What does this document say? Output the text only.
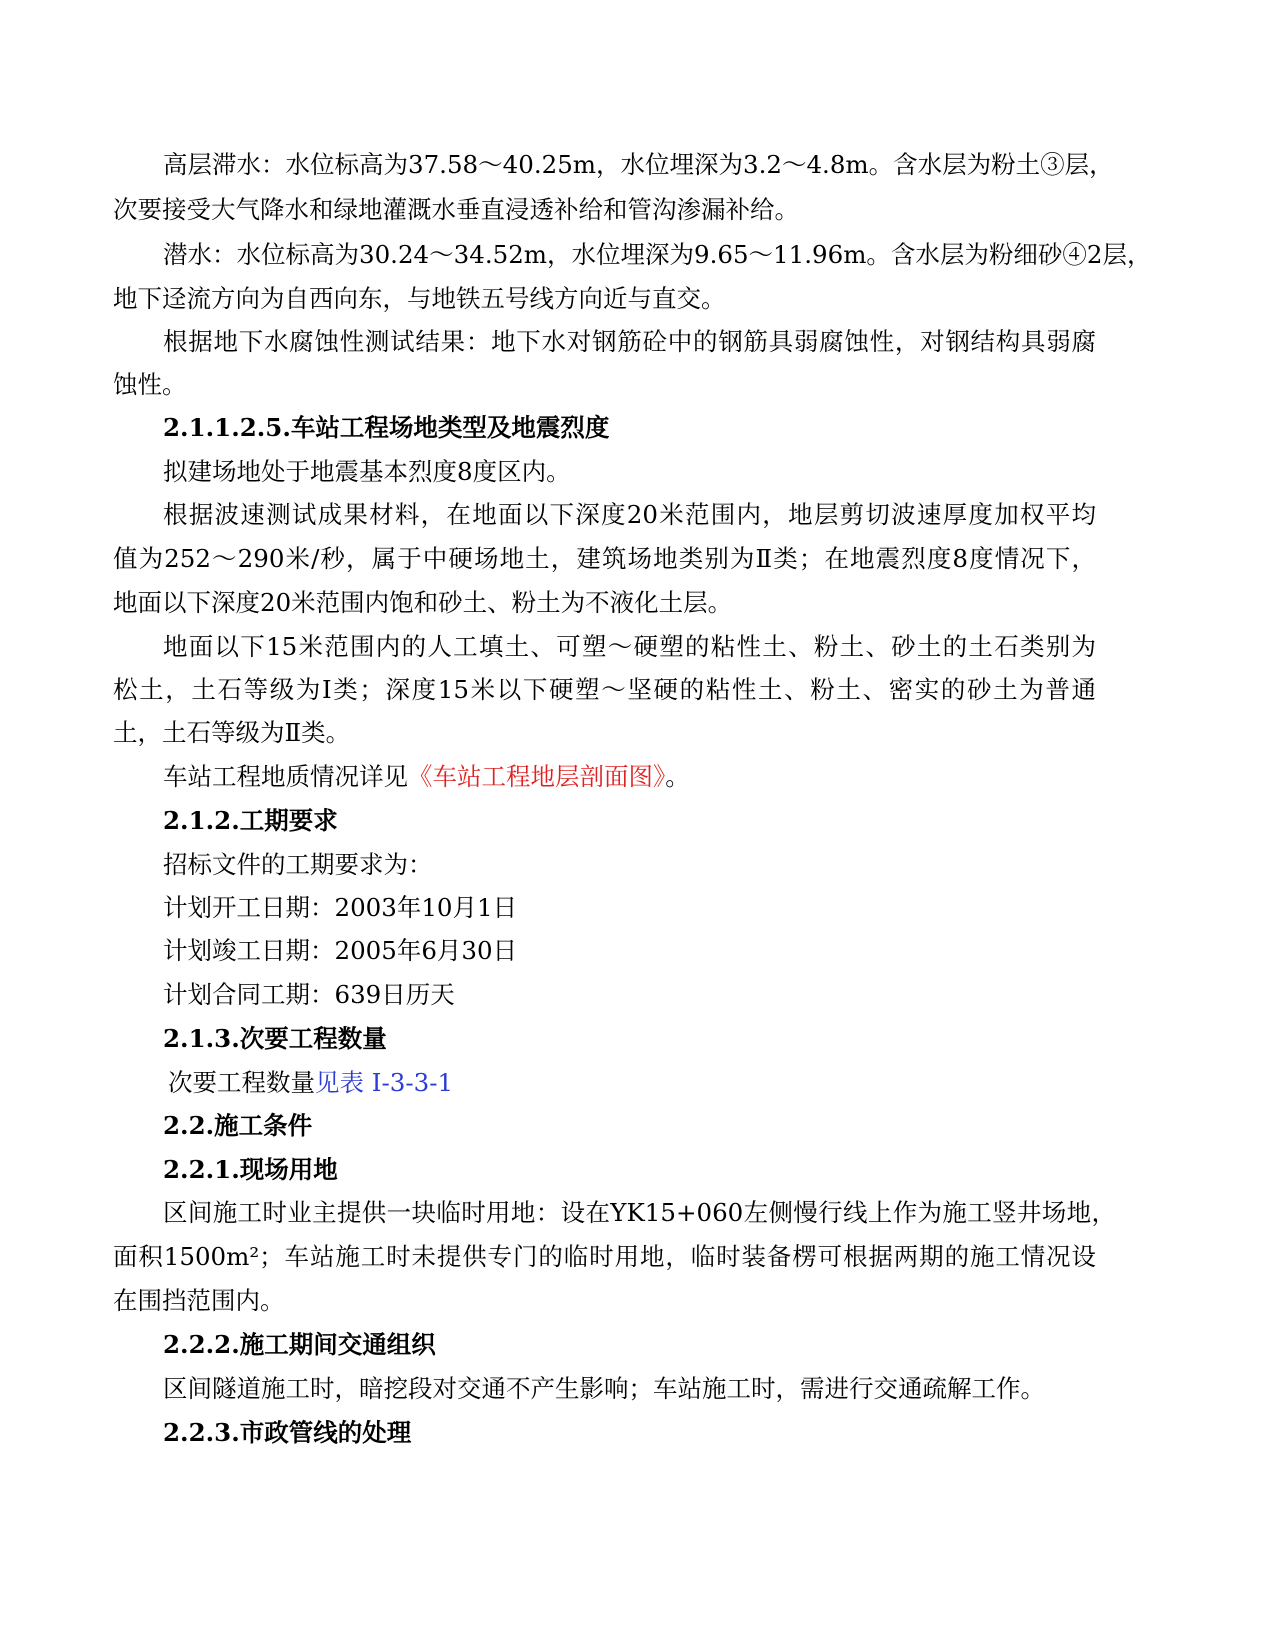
高层滞水：水位标高为37.58～40.25m，水位埋深为3.2～4.8m。含水层为粉土③层，
次要接受大气降水和绿地灌溉水垂直浸透补给和管沟渗漏补给。
潜水：水位标高为30.24～34.52m，水位埋深为9.65～11.96m。含水层为粉细砂④2层，
地下迳流方向为自西向东，与地铁五号线方向近与直交。
根据地下水腐蚀性测试结果：地下水对钢筋砼中的钢筋具弱腐蚀性，对钢结构具弱腐
蚀性。
2.1.1.2.5.车站工程场地类型及地震烈度
拟建场地处于地震基本烈度8度区内。
根据波速测试成果材料，在地面以下深度20米范围内，地层剪切波速厚度加权平均
值为252～290米/秒，属于中硬场地土，建筑场地类别为Ⅱ类；在地震烈度8度情况下，
地面以下深度20米范围内饱和砂土、粉土为不液化土层。
地面以下15米范围内的人工填土、可塑～硬塑的粘性土、粉土、砂土的土石类别为
松土，土石等级为Ⅰ类；深度15米以下硬塑～坚硬的粘性土、粉土、密实的砂土为普通
土，土石等级为Ⅱ类。
车站工程地质情况详见《车站工程地层剖面图》。
2.1.2.工期要求
招标文件的工期要求为：
计划开工日期：2003年10月1日
计划竣工日期：2005年6月30日
计划合同工期：639日历天
2.1.3.次要工程数量
次要工程数量见表 Ⅰ-3-3-1
2.2.施工条件
2.2.1.现场用地
区间施工时业主提供一块临时用地：设在YK15+060左侧慢行线上作为施工竖井场地，
面积1500m²；车站施工时未提供专门的临时用地，临时装备楞可根据两期的施工情况设
在围挡范围内。
2.2.2.施工期间交通组织
区间隧道施工时，暗挖段对交通不产生影响；车站施工时，需进行交通疏解工作。
2.2.3.市政管线的处理
